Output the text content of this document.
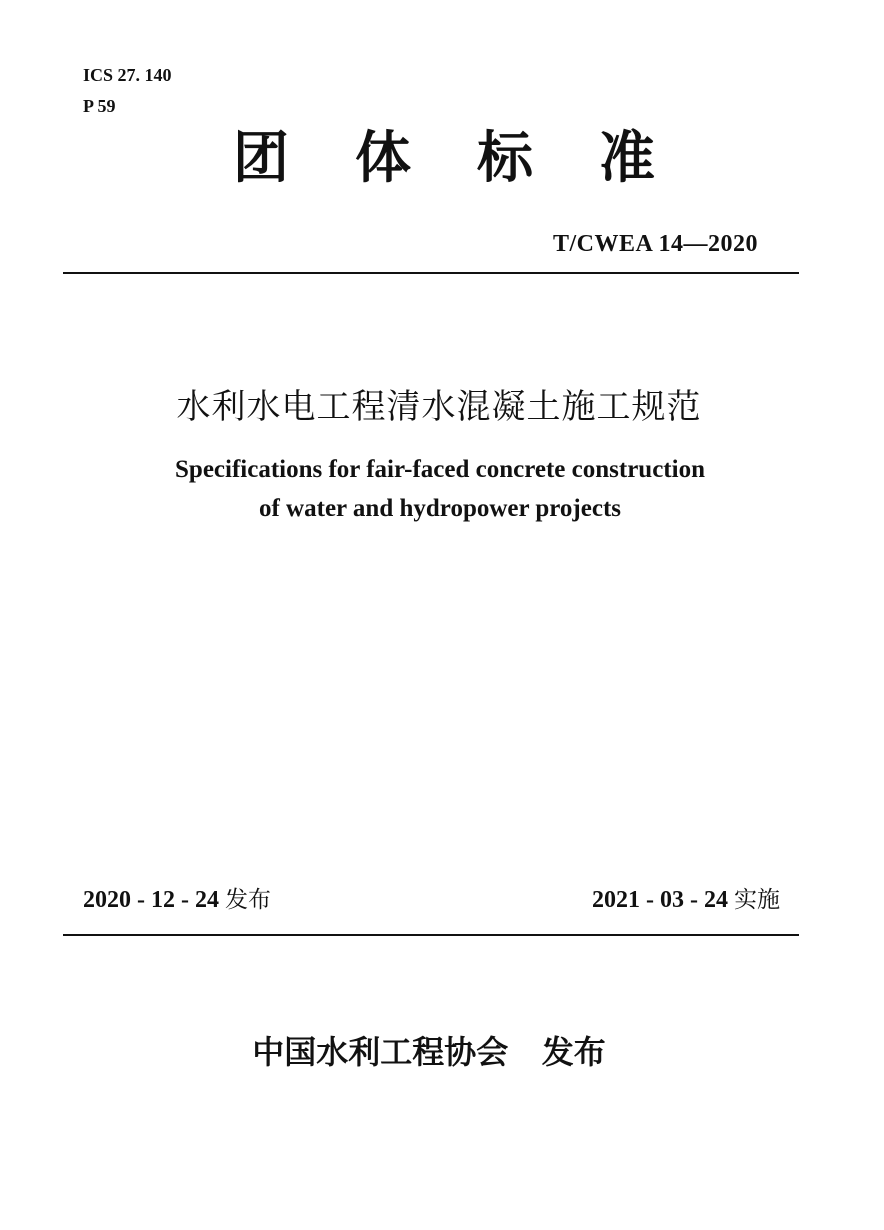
ICS 27. 140
P 59
团 体 标 准
T/CWEA 14—2020
水利水电工程清水混凝土施工规范
Specifications for fair-faced concrete construction
of water and hydropower projects
2020 - 12 - 24 发布	2021 - 03 - 24 实施
中国水利工程协会   发布
